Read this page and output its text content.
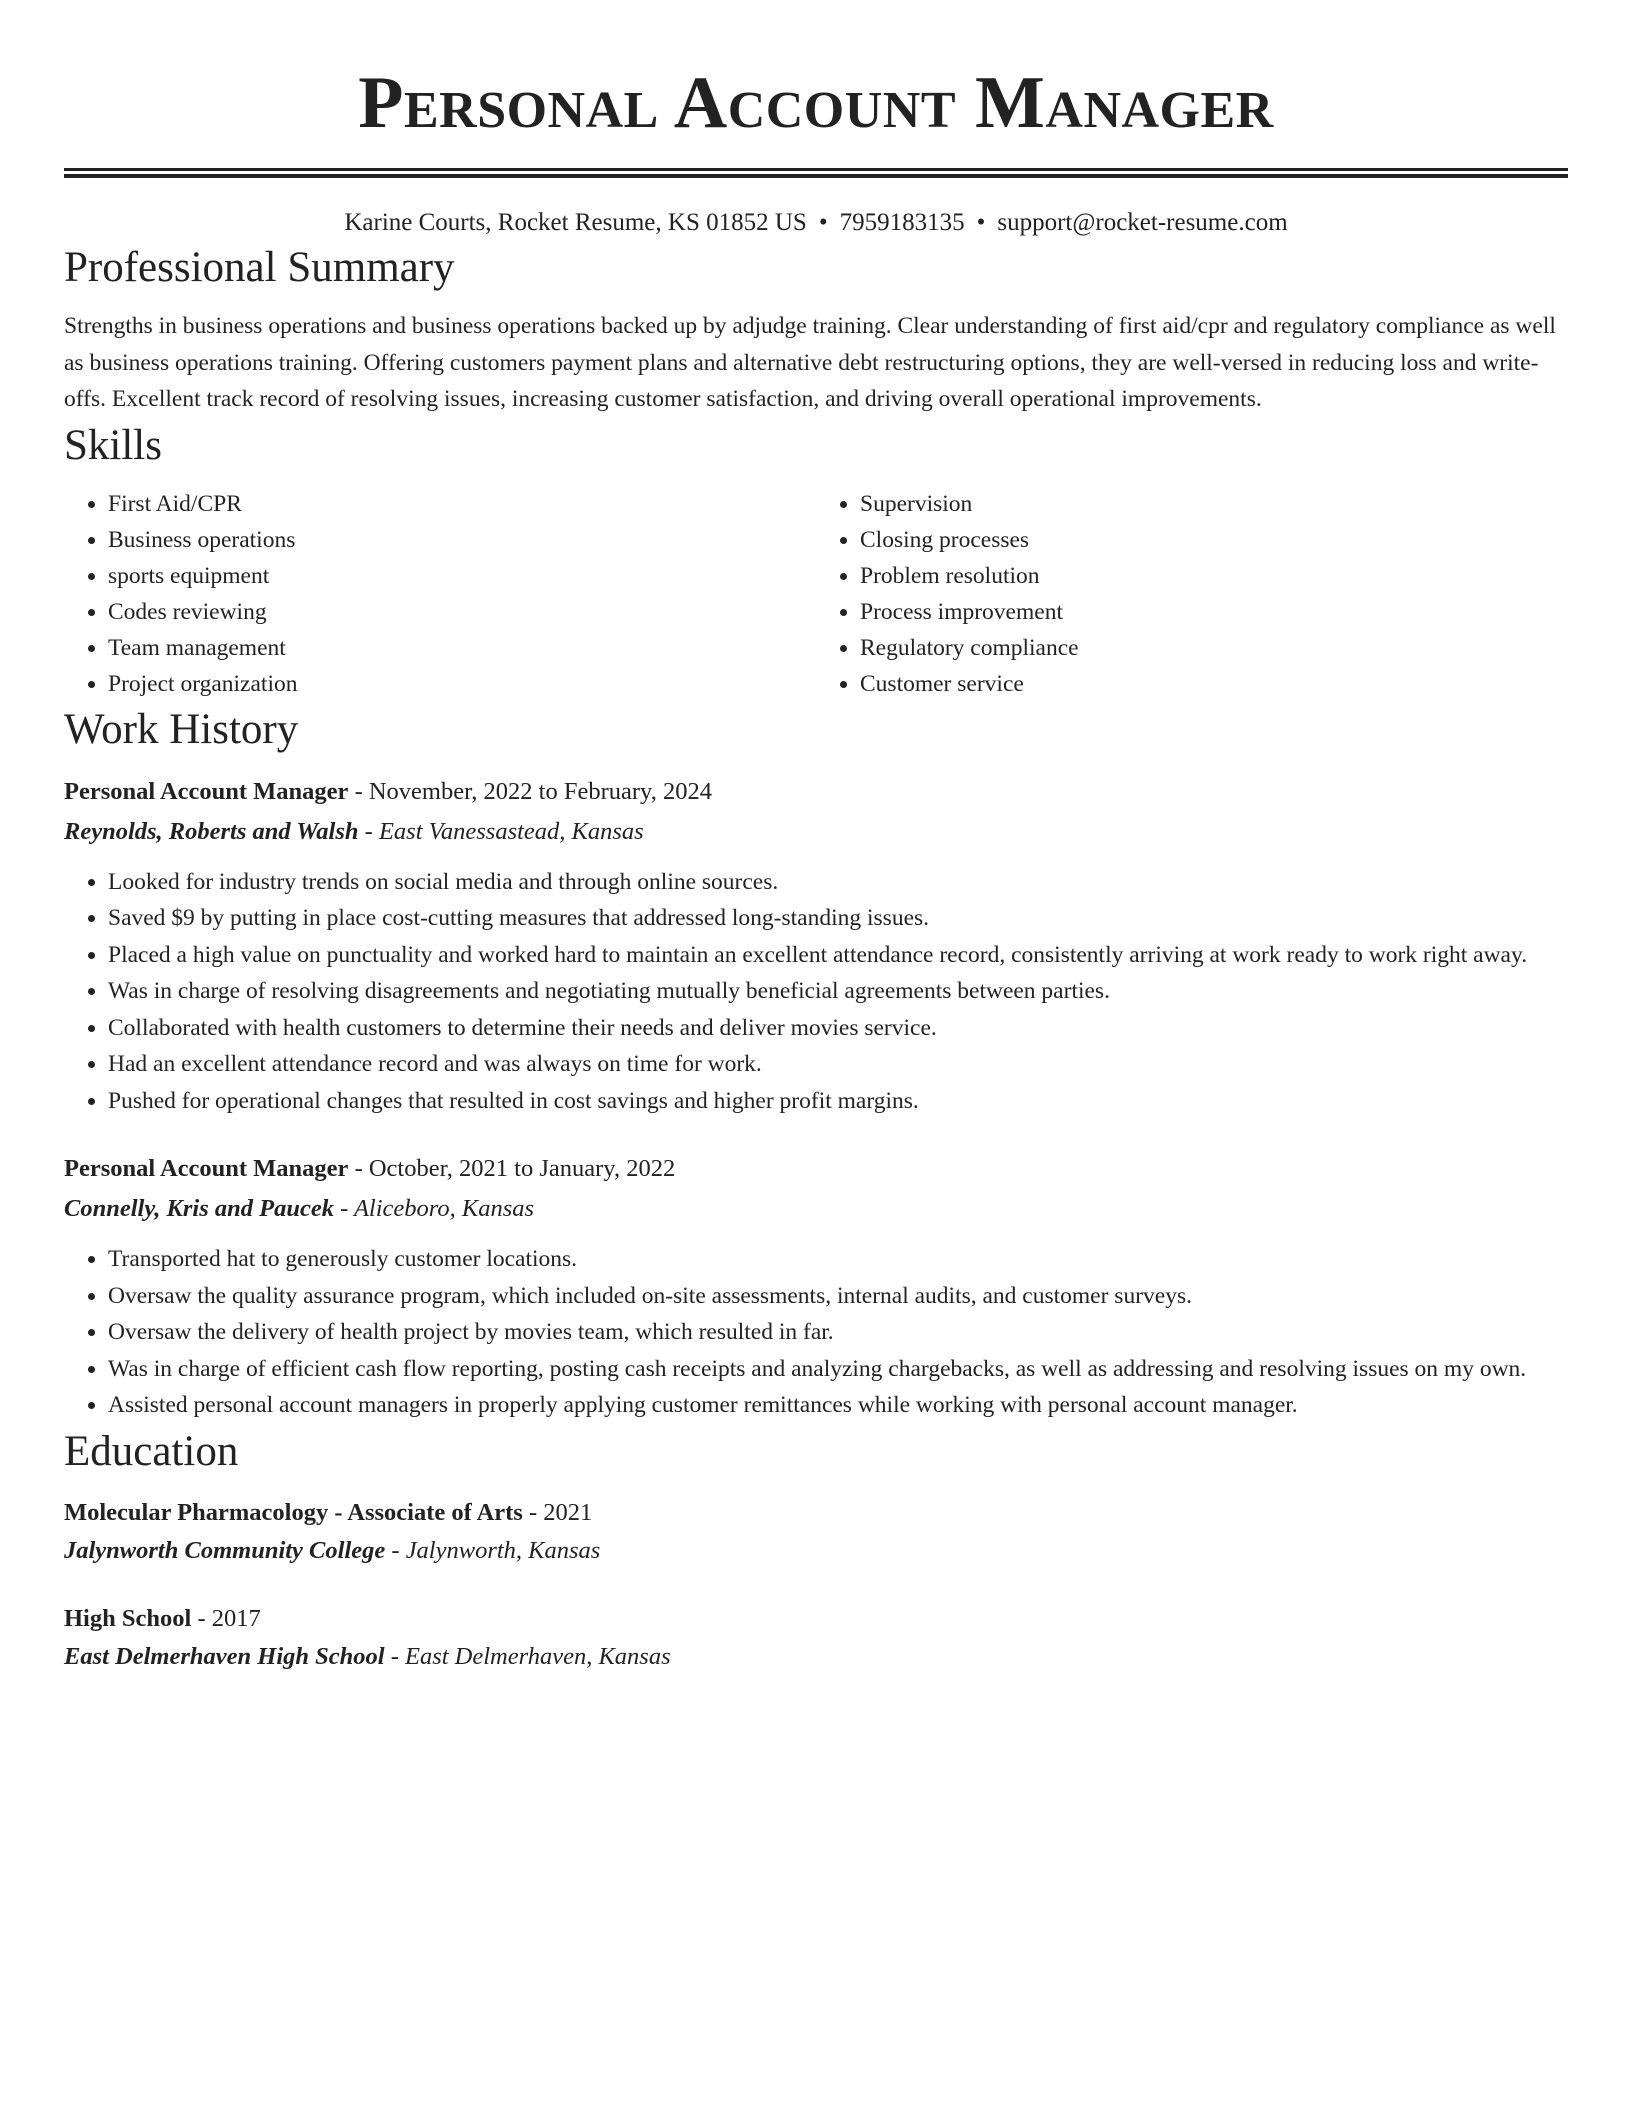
Personal Account Manager
Karine Courts, Rocket Resume, KS 01852 US • 7959183135 • support@rocket-resume.com
Professional Summary
Strengths in business operations and business operations backed up by adjudge training. Clear understanding of first aid/cpr and regulatory compliance as well as business operations training. Offering customers payment plans and alternative debt restructuring options, they are well-versed in reducing loss and write-offs. Excellent track record of resolving issues, increasing customer satisfaction, and driving overall operational improvements.
Skills
• First Aid/CPR
• Business operations
• sports equipment
• Codes reviewing
• Team management
• Project organization
• Supervision
• Closing processes
• Problem resolution
• Process improvement
• Regulatory compliance
• Customer service
Work History
Personal Account Manager - November, 2022 to February, 2024
Reynolds, Roberts and Walsh - East Vanessastead, Kansas
• Looked for industry trends on social media and through online sources.
• Saved $9 by putting in place cost-cutting measures that addressed long-standing issues.
• Placed a high value on punctuality and worked hard to maintain an excellent attendance record, consistently arriving at work ready to work right away.
• Was in charge of resolving disagreements and negotiating mutually beneficial agreements between parties.
• Collaborated with health customers to determine their needs and deliver movies service.
• Had an excellent attendance record and was always on time for work.
• Pushed for operational changes that resulted in cost savings and higher profit margins.
Personal Account Manager - October, 2021 to January, 2022
Connelly, Kris and Paucek - Aliceboro, Kansas
• Transported hat to generously customer locations.
• Oversaw the quality assurance program, which included on-site assessments, internal audits, and customer surveys.
• Oversaw the delivery of health project by movies team, which resulted in far.
• Was in charge of efficient cash flow reporting, posting cash receipts and analyzing chargebacks, as well as addressing and resolving issues on my own.
• Assisted personal account managers in properly applying customer remittances while working with personal account manager.
Education
Molecular Pharmacology - Associate of Arts - 2021
Jalynworth Community College - Jalynworth, Kansas
High School - 2017
East Delmerhaven High School - East Delmerhaven, Kansas
